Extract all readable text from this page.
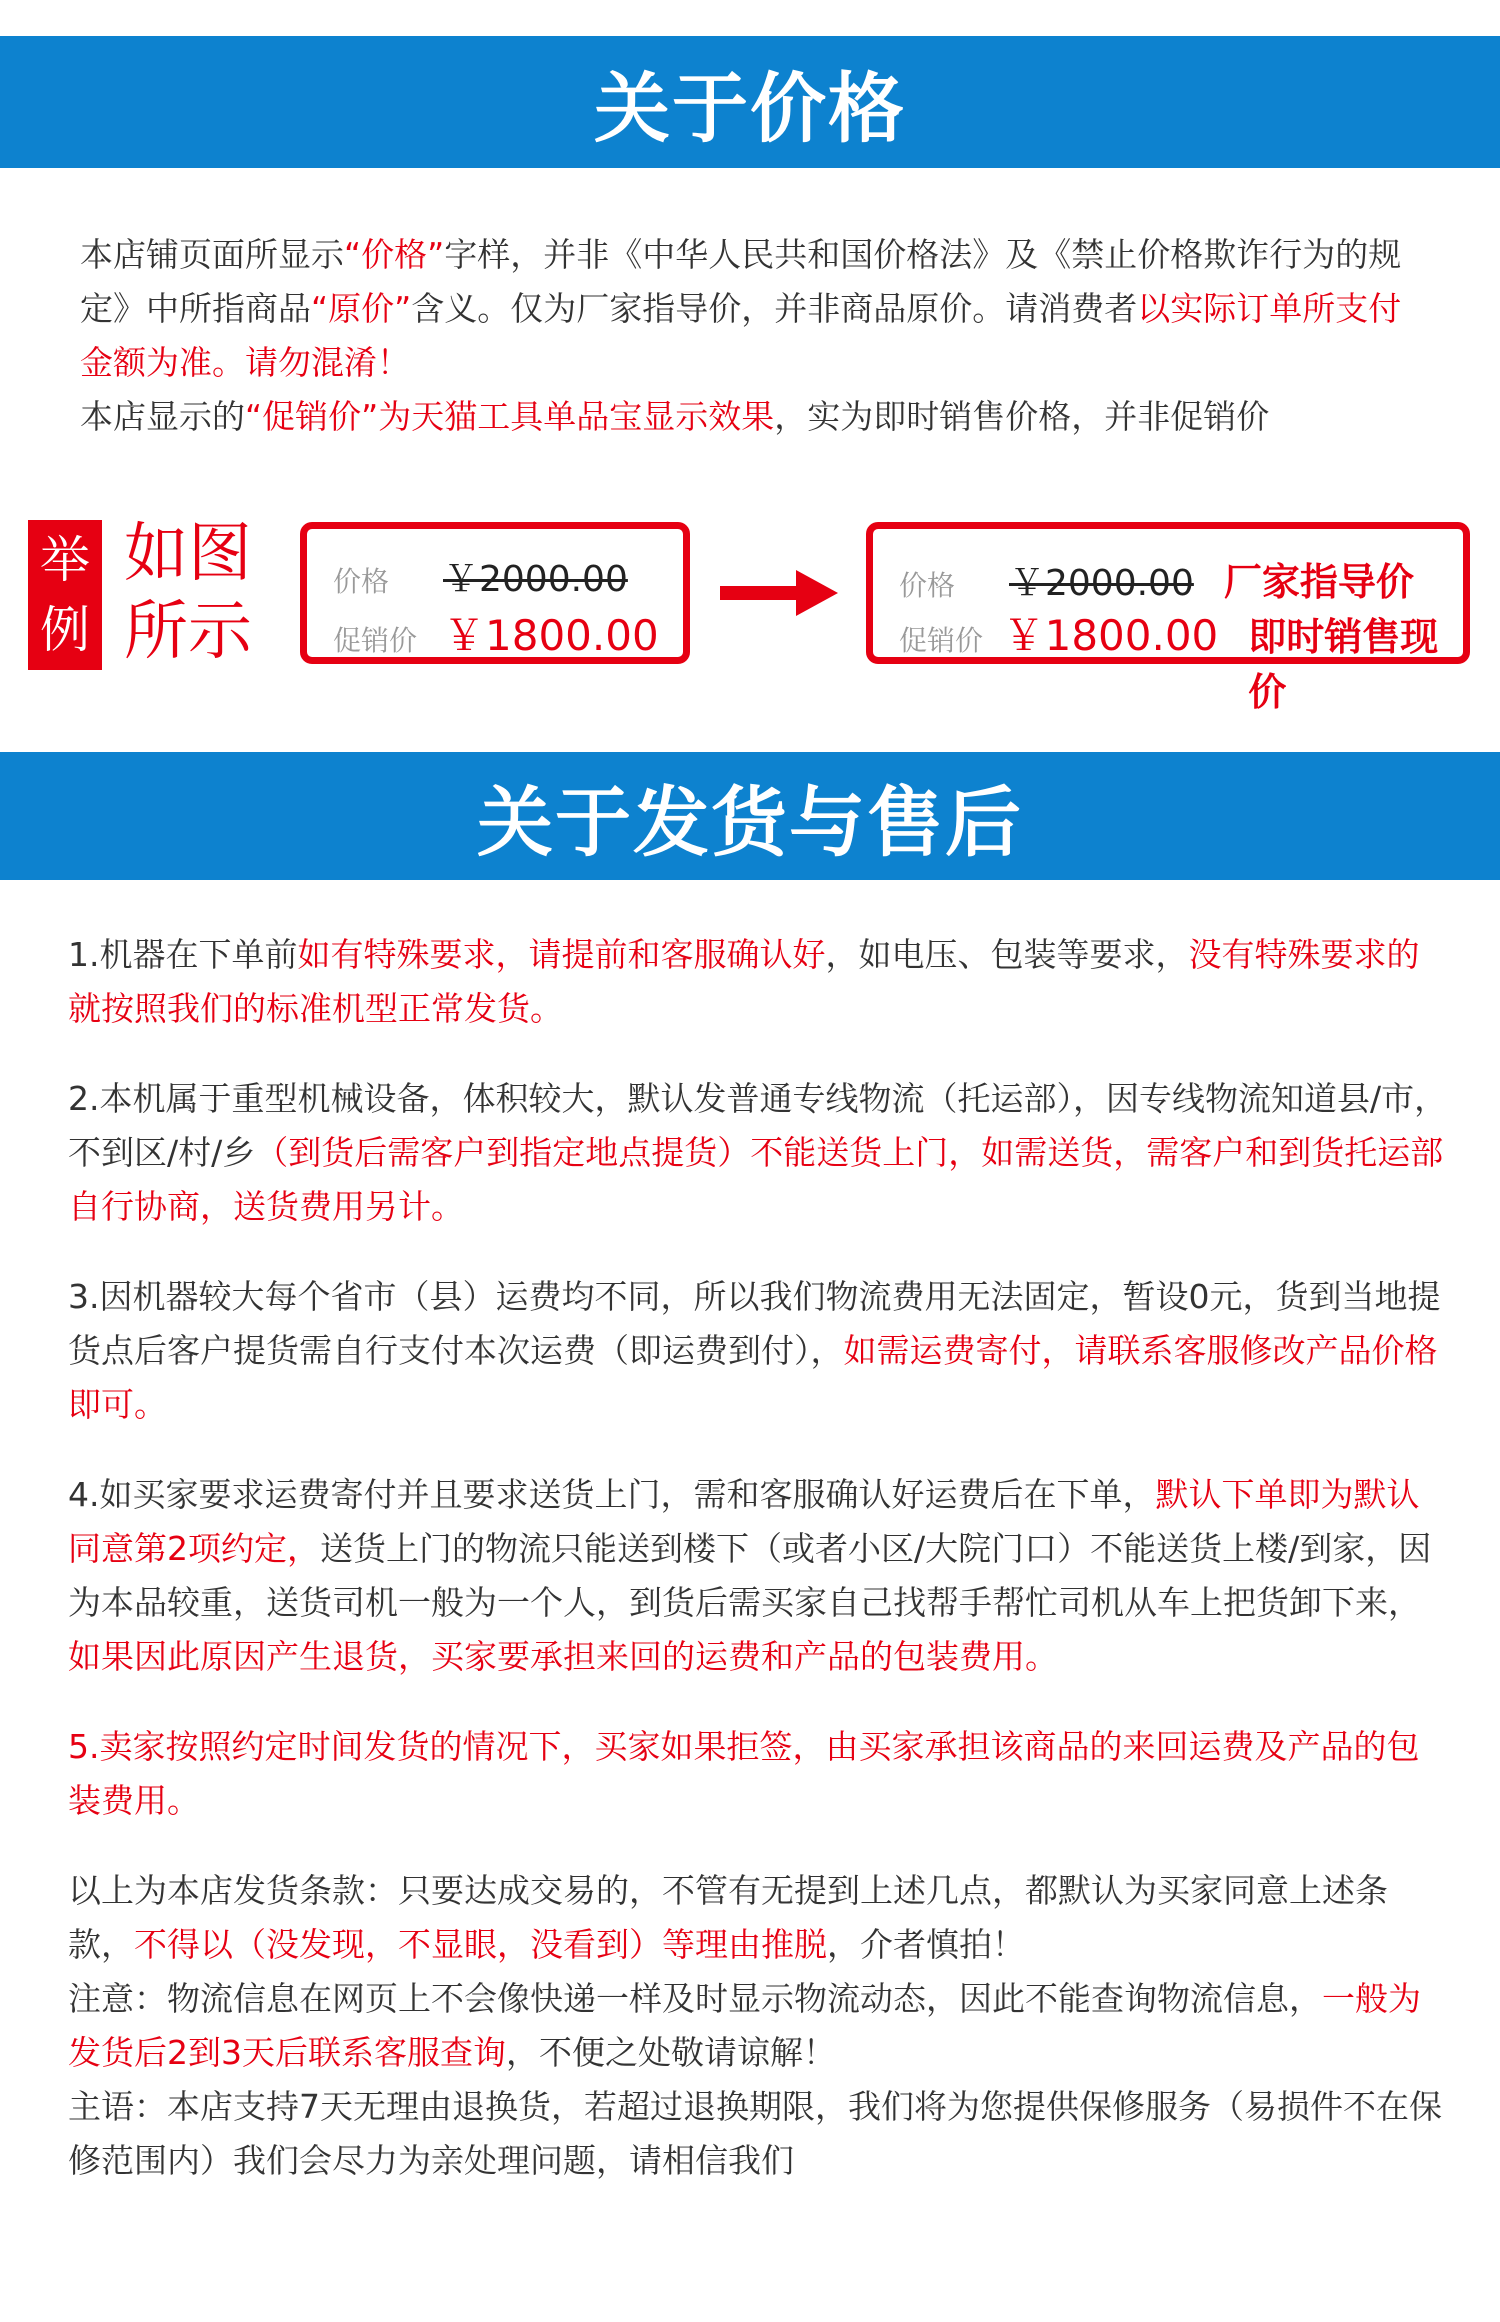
关于价格

本店铺页面所显示“价格”字样，并非《中华人民共和国价格法》及《禁止价格欺诈行为的规定》中所指商品“原价”含义。仅为厂家指导价，并非商品原价。请消费者以实际订单所支付金额为准。请勿混淆！

本店显示的“促销价”为天猫工具单品宝显示效果，实为即时销售价格，并非促销价

举
例
如图
所示
价格	￥2000.00
促销价 ￥1800.00
价格	￥2000.00 厂家指导价
促销价 ￥1800.00 即时销售现价
关于发货与售后

1.机器在下单前如有特殊要求，请提前和客服确认好，如电压、包装等要求，没有特殊要求的就按照我们的标准机型正常发货。

2.本机属于重型机械设备，体积较大，默认发普通专线物流（托运部），因专线物流知道县/市，不到区/村/乡（到货后需客户到指定地点提货）不能送货上门，如需送货，需客户和到货托运部自行协商，送货费用另计。

3.因机器较大每个省市（县）运费均不同，所以我们物流费用无法固定，暂设0元，货到当地提货点后客户提货需自行支付本次运费（即运费到付），如需运费寄付，请联系客服修改产品价格即可。

4.如买家要求运费寄付并且要求送货上门，需和客服确认好运费后在下单，默认下单即为默认同意第2项约定，送货上门的物流只能送到楼下（或者小区/大院门口）不能送货上楼/到家，因为本品较重，送货司机一般为一个人，到货后需买家自己找帮手帮忙司机从车上把货卸下来，如果因此原因产生退货，买家要承担来回的运费和产品的包装费用。

5.卖家按照约定时间发货的情况下，买家如果拒签，由买家承担该商品的来回运费及产品的包装费用。

以上为本店发货条款：只要达成交易的，不管有无提到上述几点，都默认为买家同意上述条款，不得以（没发现，不显眼，没看到）等理由推脱，介者慎拍！

注意：物流信息在网页上不会像快递一样及时显示物流动态，因此不能查询物流信息，一般为发货后2到3天后联系客服查询，不便之处敬请谅解！

主语：本店支持7天无理由退换货，若超过退换期限，我们将为您提供保修服务（易损件不在保修范围内）我们会尽力为亲处理问题，请相信我们
